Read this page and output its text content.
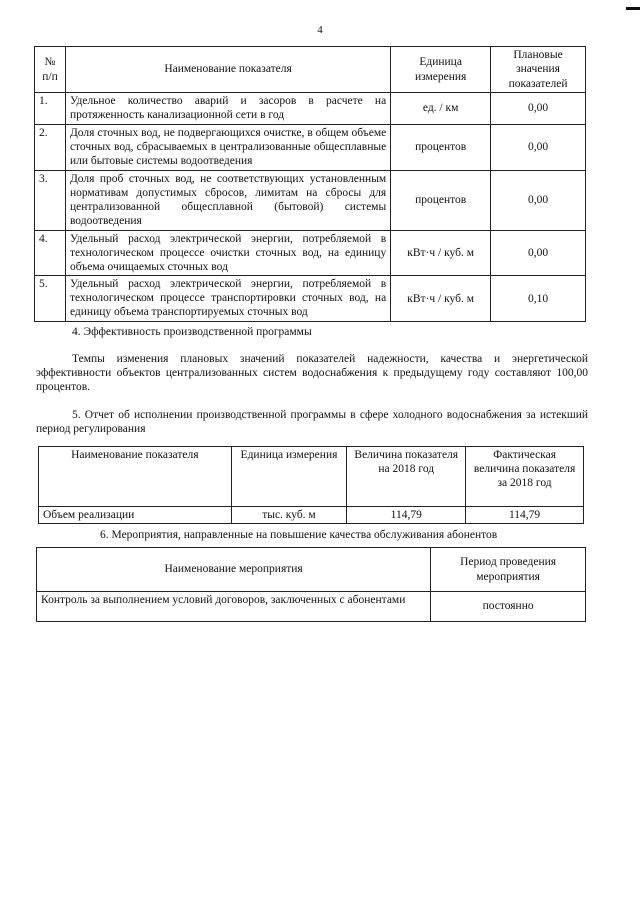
4
№ п/п	Наименование показателя	Единица измерения	Плановые значения показателей
1.	Удельное количество аварий и засоров в расчете на протяженность канализационной сети в год	ед. / км	0,00
2.	Доля сточных вод, не подвергающихся очистке, в общем объеме сточных вод, сбрасываемых в централизованные общесплавные или бытовые системы водоотведения	процентов	0,00
3.	Доля проб сточных вод, не соответствующих установленным нормативам допустимых сбросов, лимитам на сбросы для централизованной общесплавной (бытовой) системы водоотведения	процентов	0,00
4.	Удельный расход электрической энергии, потребляемой в технологическом процессе очистки сточных вод, на единицу объема очищаемых сточных вод	кВт·ч / куб. м	0,00
5.	Удельный расход электрической энергии, потребляемой в технологическом процессе транспортировки сточных вод, на единицу объема транспортируемых сточных вод	кВт·ч / куб. м	0,10
4. Эффективность производственной программы
Темпы изменения плановых значений показателей надежности, качества и энергетической эффективности объектов централизованных систем водоснабжения к предыдущему году составляют 100,00 процентов.
5. Отчет об исполнении производственной программы в сфере холодного водоснабжения за истекший период регулирования
Наименование показателя	Единица измерения	Величина показателя на 2018 год	Фактическая величина показателя за 2018 год
Объем реализации	тыс. куб. м	114,79	114,79
6. Мероприятия, направленные на повышение качества обслуживания абонентов
Наименование мероприятия	Период проведения мероприятия
Контроль за выполнением условий договоров, заключенных с абонентами	постоянно
